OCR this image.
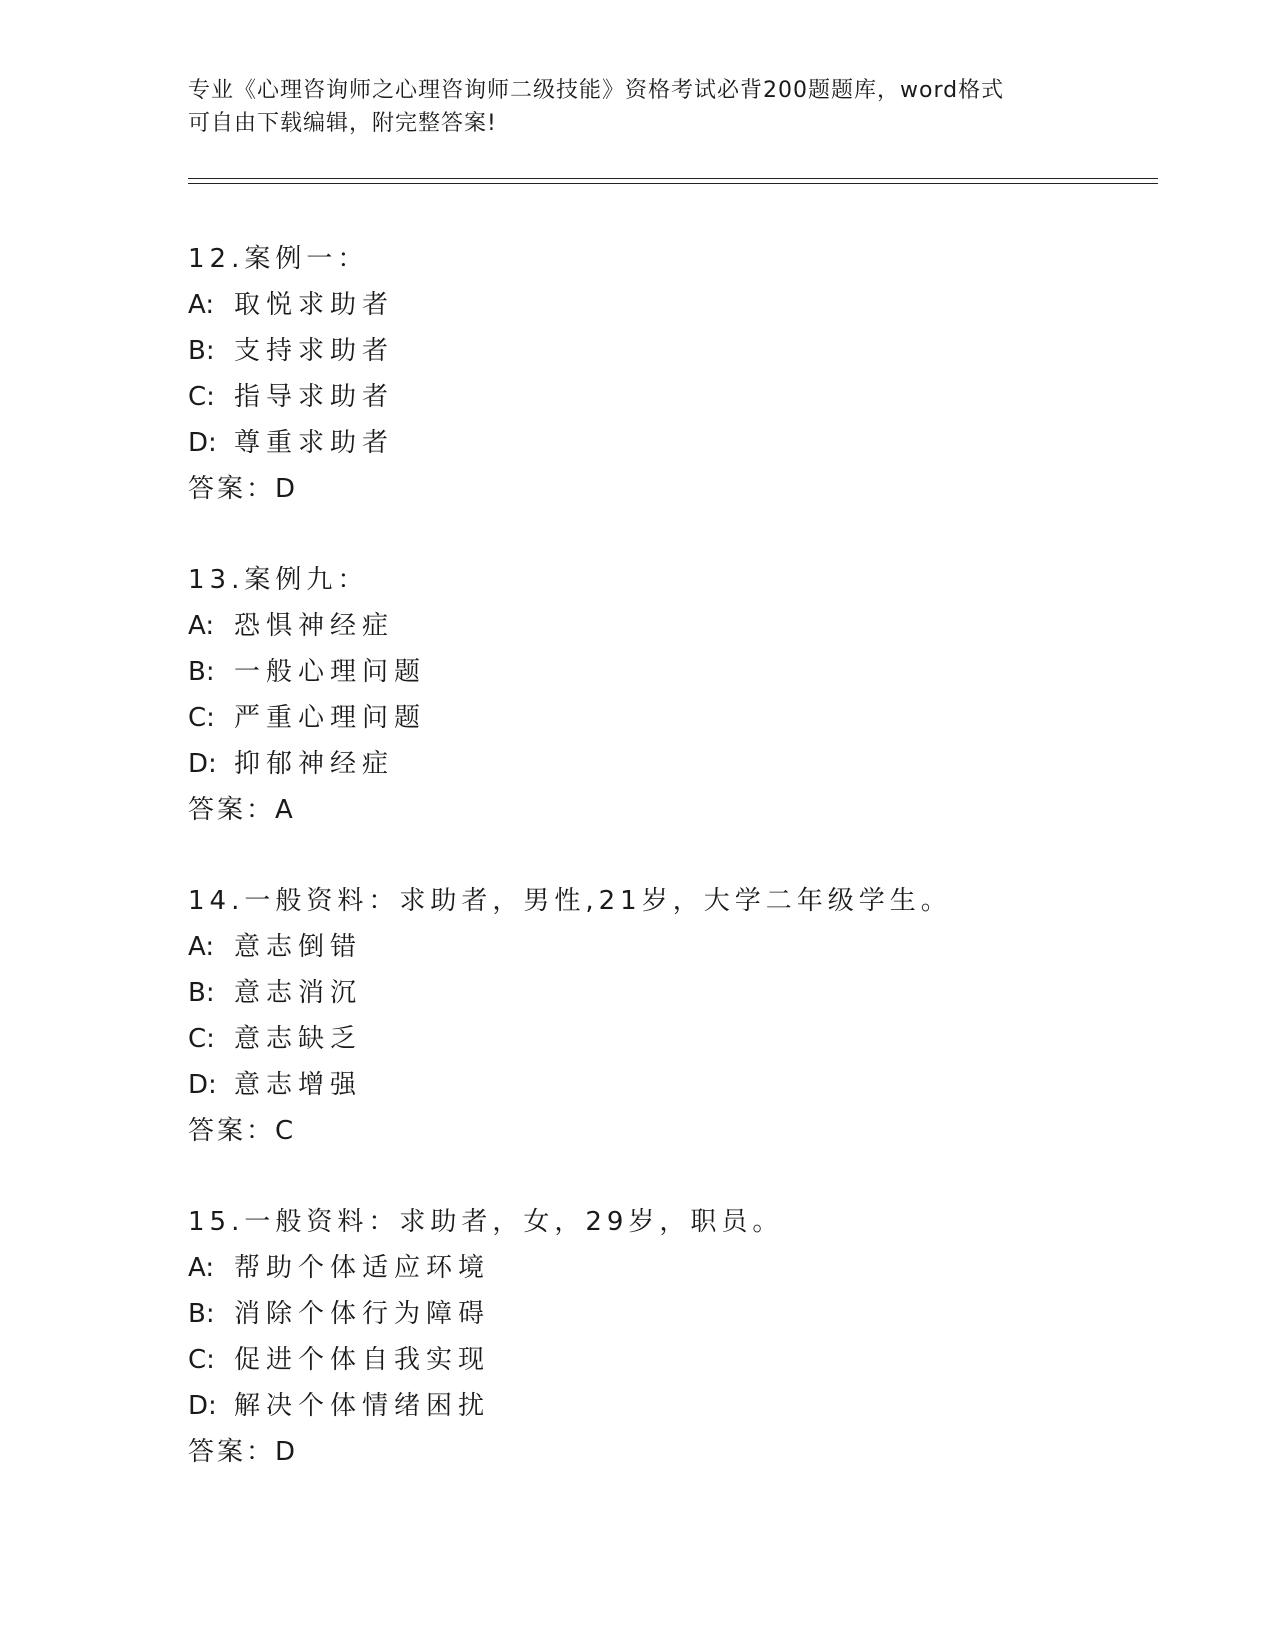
专业《心理咨询师之心理咨询师二级技能》资格考试必背200题题库，word格式
可自由下载编辑，附完整答案!
12.案例一：
A: 取悦求助者
B: 支持求助者
C: 指导求助者
D: 尊重求助者
答案：D
13.案例九：
A: 恐惧神经症
B: 一般心理问题
C: 严重心理问题
D: 抑郁神经症
答案：A
14.一般资料：求助者，男性,21岁，大学二年级学生。
A: 意志倒错
B: 意志消沉
C: 意志缺乏
D: 意志增强
答案：C
15.一般资料：求助者，女，29岁，职员。
A: 帮助个体适应环境
B: 消除个体行为障碍
C: 促进个体自我实现
D: 解决个体情绪困扰
答案：D
